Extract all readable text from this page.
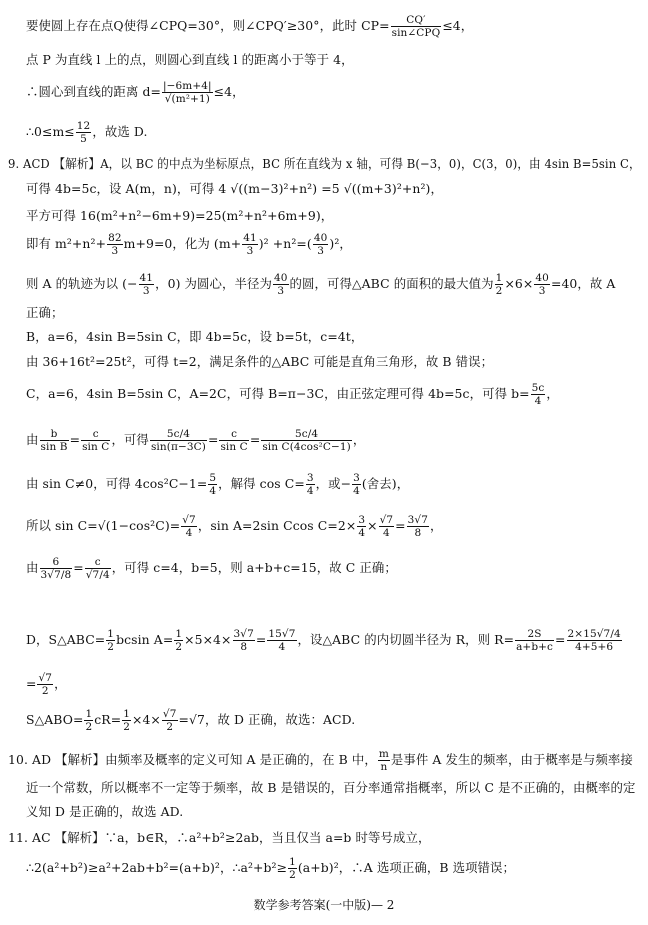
要使圆上存在点Q使得∠CPQ=30°，则∠CPQ′≥30°，此时 CP=	CQ′
sin∠CPQ ≤4，
点 P 为直线 l 上的点，则圆心到直线 l 的距离小于等于 4，
∴圆心到直线的距离 $d= \frac{|-6m+4|}{\text{√(m²+1)}} \le 4$，
∴0≤m≤ $\frac{12}{5}$ ，故选 D.
9. ACD 【解析】A，以 BC 的中点为坐标原点，BC 所在直线为 x 轴，可得 B(−3，0)，C(3，0)，由 4sin B=5sin C，
可得 4b=5c，设 A(m，n)，可得 4 √((m−3)²+n²) =5 √((m+3)²+n²)，
平方可得 16(m²+n²−6m+9)=25(m²+n²+6m+9)，
即有 $m^2+n^2+ \frac{82}{3} m+9=0$，化为 $(m+ \frac{41}{3} )^2 +n^2=( \frac{40}{3} )^2$，
则 A 的轨迹为以 (− $\frac{41}{3}$ ，0) 为圆心，半径为 $\frac{40}{3}$ 的圆，可得△ABC 的面积的最大值为 $\frac{1}{2} \times 6\times \frac{40}{3} =40$，故 A
正确；
B，a=6，4sin B=5sin C，即 4b=5c，设 b=5t，c=4t，
由 36+16t²=25t²，可得 t=2，满足条件的△ABC 可能是直角三角形，故 B 错误；
C，a=6，4sin B=5sin C，A=2C，可得 B=π−3C，由正弦定理可得 4b=5c，可得 $b= \frac{5c}{4}$ ，
由 $\frac{b}{\text{sin B}} = \frac{c}{\text{sin C}}$ ，可得 $\frac{5c/4}{\sin(\pi-3C)} = \frac{c}{\text{sin C}} = \frac{5c/4}{\text{sin C(4cos²C−1)}}$ ，
由 sin C≠0，可得 $4\cos^2C-1= \frac{5}{4}$ ，解得 $\cos C= \frac{3}{4}$ ，或− $\frac{3}{4}$ (舍去)，
所以 $\sin C=√(1-\cos^2C)= \frac{√7}{4}$ ，sin A=2sin Ccos $C=2\times \frac{3}{4} \times \frac{√7}{4} = \frac{3√7}{8}$ ，
由 $\frac{6}{3√7/8} = \frac{c}{√7/4}$ ，可得 c=4，b=5，则 a+b+c=15，故 C 正确；
D，S△ABC= $\frac{1}{2}$ bcsin $A= \frac{1}{2} \times 5\times 4\times \frac{3√7}{8} = \frac{15√7}{4}$ ，设△ABC 的内切圆半径为 R，则 $R= \frac{2S}{a+b+c} = \frac{2\times 15√7/4}{4+5+6}$
= $\frac{√7}{2}$ ，
S△ABO= $\frac{1}{2} cR= \frac{1}{2} \times 4\times \frac{√7}{2} =√7$，故 D 正确，故选：ACD.
10. AD 【解析】由频率及概率的定义可知 A 是正确的，在 B 中， $\frac{m}{n}$ 是事件 A 发生的频率，由于概率是与频率接
近一个常数，所以概率不一定等于频率，故 B 是错误的，百分率通常指概率，所以 C 是不正确的，由概率的定
义知 D 是正确的，故选 AD.
11. AC 【解析】∵a，b∈R，∴a²+b²≥2ab，当且仅当 a=b 时等号成立，
∴2(a²+b²)≥a²+2ab+b²=(a+b)²，∴a²+b²≥ $\frac{1}{2} (a+b)^2$，∴A 选项正确，B 选项错误；
数学参考答案(一中版)— 2
